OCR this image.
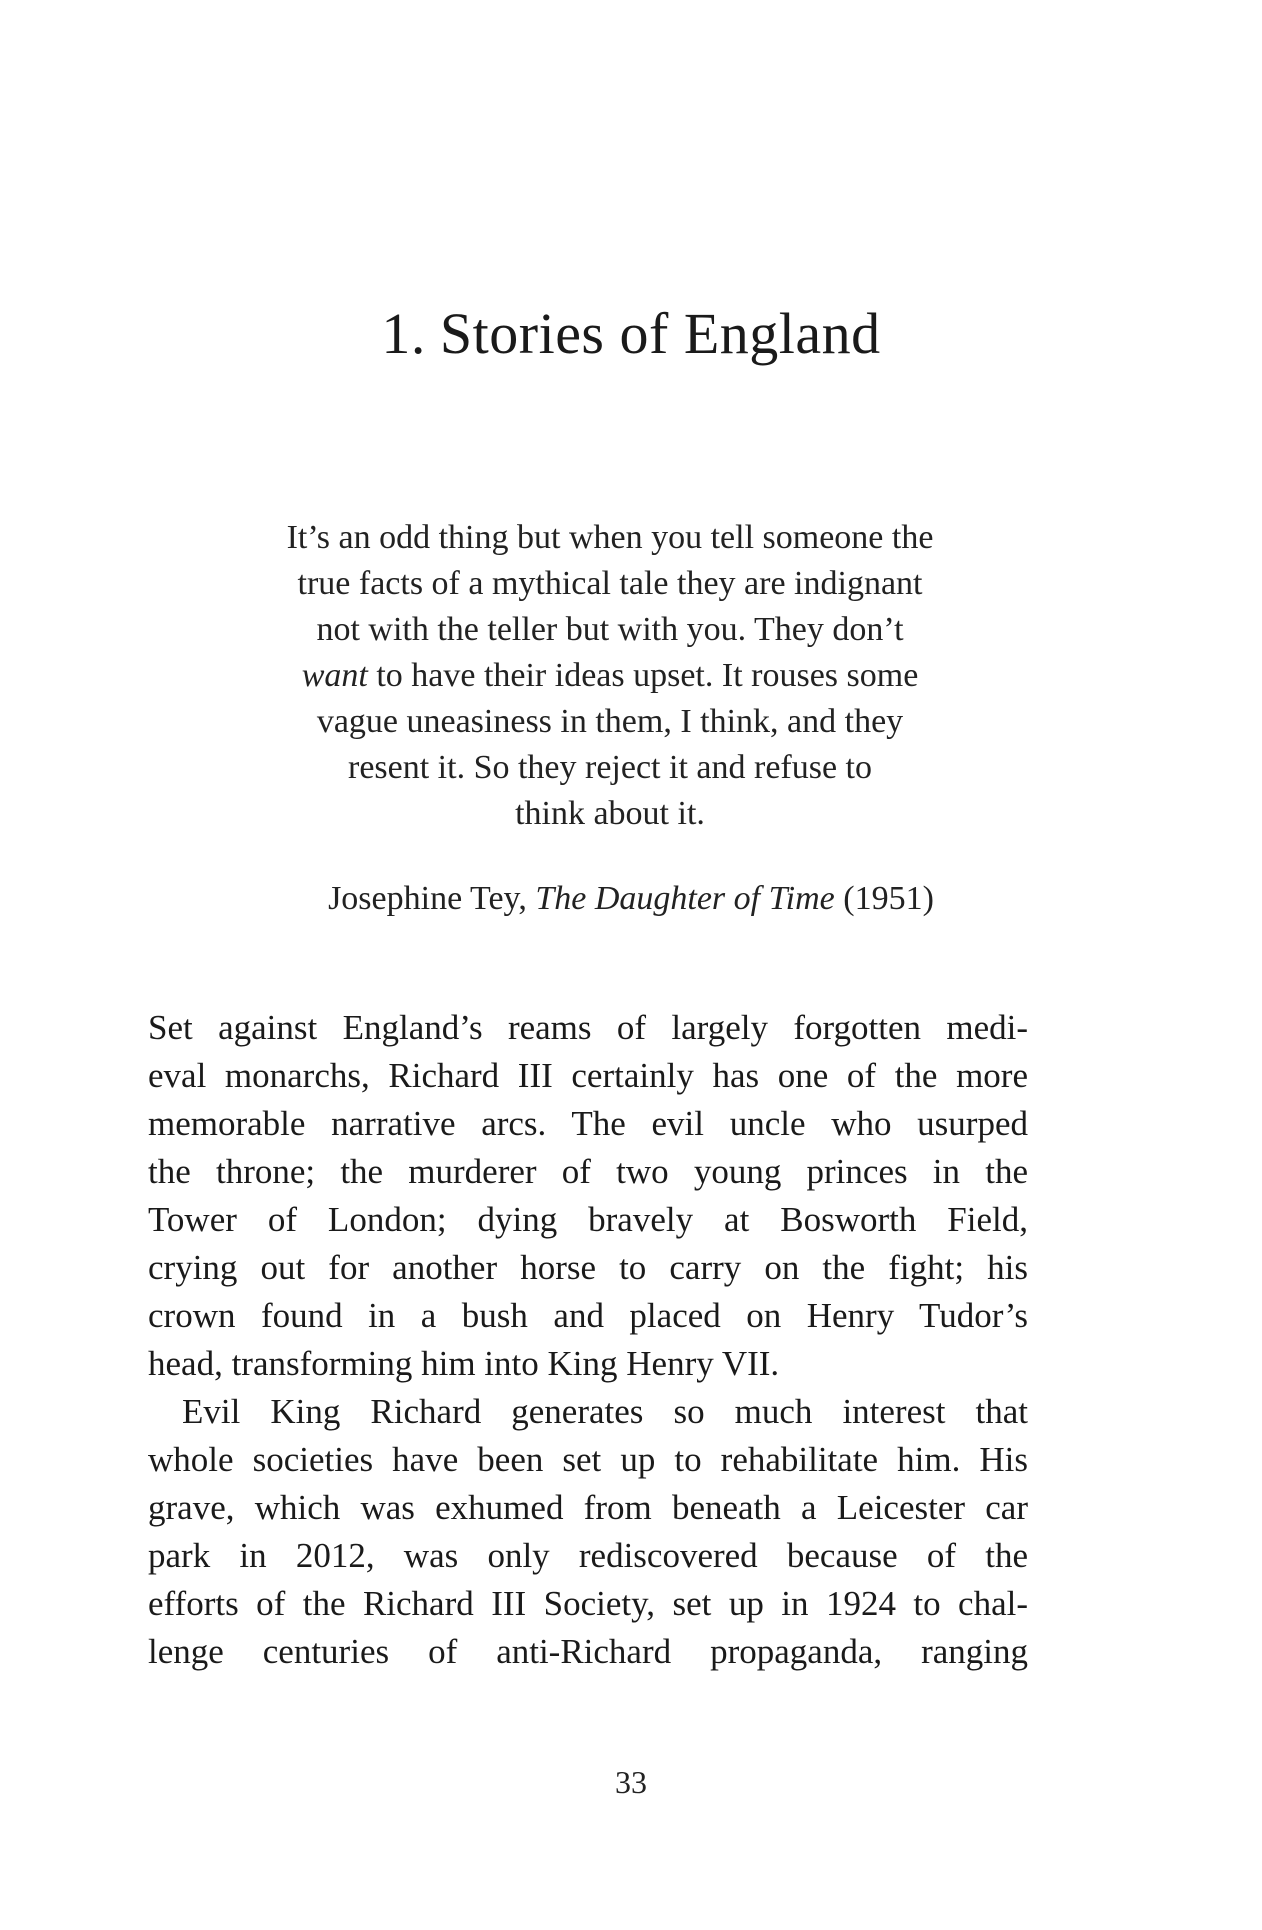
1. Stories of England
It’s an odd thing but when you tell someone the
true facts of a mythical tale they are indignant
not with the teller but with you. They don’t
want to have their ideas upset. It rouses some
vague uneasiness in them, I think, and they
resent it. So they reject it and refuse to
think about it.
Josephine Tey, The Daughter of Time (1951)
Set against England’s reams of largely forgotten medi-
eval monarchs, Richard III certainly has one of the more
memorable narrative arcs. The evil uncle who usurped
the throne; the murderer of two young princes in the
Tower of London; dying bravely at Bosworth Field,
crying out for another horse to carry on the fight; his
crown found in a bush and placed on Henry Tudor’s
head, transforming him into King Henry VII.
Evil King Richard generates so much interest that
whole societies have been set up to rehabilitate him. His
grave, which was exhumed from beneath a Leicester car
park in 2012, was only rediscovered because of the
efforts of the Richard III Society, set up in 1924 to chal-
lenge centuries of anti-Richard propaganda, ranging
33
